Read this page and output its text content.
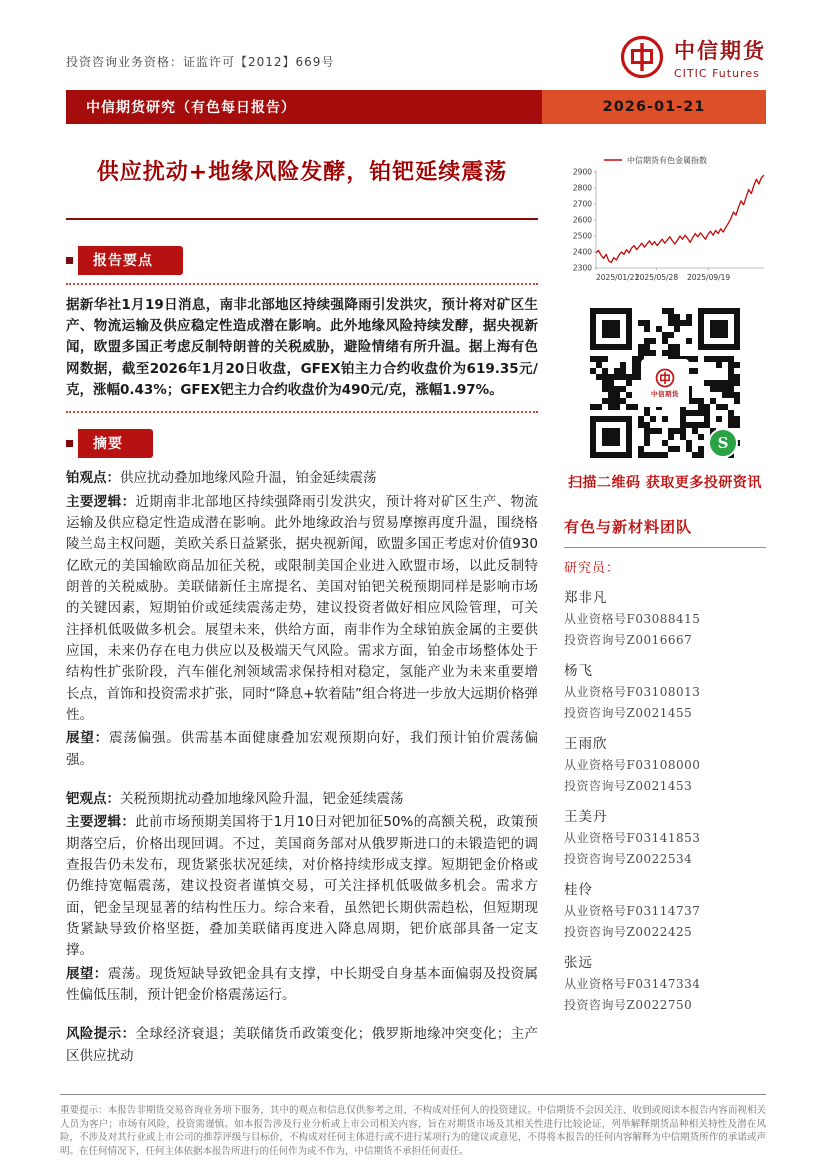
投资咨询业务资格：证监许可【2012】669号	中信期货
CITIC Futures
中信期货研究（有色每日报告）	2026-01-21
供应扰动+地缘风险发酵，铂钯延续震荡
报告要点
据新华社1月19日消息，南非北部地区持续强降雨引发洪灾，预计将对矿区生产、物流运输及供应稳定性造成潜在影响。此外地缘风险持续发酵，据央视新闻，欧盟多国正考虑反制特朗普的关税威胁，避险情绪有所升温。据上海有色网数据，截至2026年1月20日收盘，GFEX铂主力合约收盘价为619.35元/克，涨幅0.43%；GFEX钯主力合约收盘价为490元/克，涨幅1.97%。
摘要
铂观点：供应扰动叠加地缘风险升温，铂金延续震荡
主要逻辑：近期南非北部地区持续强降雨引发洪灾，预计将对矿区生产、物流运输及供应稳定性造成潜在影响。此外地缘政治与贸易摩擦再度升温，围绕格陵兰岛主权问题，美欧关系日益紧张，据央视新闻，欧盟多国正考虑对价值930亿欧元的美国输欧商品加征关税，或限制美国企业进入欧盟市场，以此反制特朗普的关税威胁。美联储新任主席提名、美国对铂钯关税预期同样是影响市场的关键因素，短期铂价或延续震荡走势，建议投资者做好相应风险管理，可关注择机低吸做多机会。展望未来，供给方面，南非作为全球铂族金属的主要供应国，未来仍存在电力供应以及极端天气风险。需求方面，铂金市场整体处于结构性扩张阶段，汽车催化剂领域需求保持相对稳定，氢能产业为未来重要增长点，首饰和投资需求扩张，同时“降息+软着陆”组合将进一步放大远期价格弹性。
展望：震荡偏强。供需基本面健康叠加宏观预期向好，我们预计铂价震荡偏强。
钯观点：关税预期扰动叠加地缘风险升温，钯金延续震荡
主要逻辑：此前市场预期美国将于1月10日对钯加征50%的高额关税，政策预期落空后，价格出现回调。不过，美国商务部对从俄罗斯进口的未锻造钯的调查报告仍未发布，现货紧张状况延续，对价格持续形成支撑。短期钯金价格或仍维持宽幅震荡，建议投资者谨慎交易，可关注择机低吸做多机会。需求方面，钯金呈现显著的结构性压力。综合来看，虽然钯长期供需趋松，但短期现货紧缺导致价格坚挺，叠加美联储再度进入降息周期，钯价底部具备一定支撑。
展望：震荡。现货短缺导致钯金具有支撑，中长期受自身基本面偏弱及投资属性偏低压制，预计钯金价格震荡运行。
风险提示：全球经济衰退；美联储货币政策变化；俄罗斯地缘冲突变化；主产区供应扰动
2300
2400
2500
2600
2700
2800
2900
2025/01/21
2025/05/28 2025/09/19
中信期货有色金属指数
中信期货
S
扫描二维码 获取更多投研资讯
有色与新材料团队
研究员：
郑非凡
从业资格号F03088415
投资咨询号Z0016667
杨飞
从业资格号F03108013
投资咨询号Z0021455
王雨欣
从业资格号F03108000
投资咨询号Z0021453
王美丹
从业资格号F03141853
投资咨询号Z0022534
桂伶
从业资格号F03114737
投资咨询号Z0022425
张远
从业资格号F03147334
投资咨询号Z0022750
重要提示：本报告非期货交易咨询业务项下服务，其中的观点和信息仅供参考之用，不构成对任何人的投资建议。中信期货不会因关注、收到或阅读本报告内容而视相关人员为客户；市场有风险，投资需谨慎。如本报告涉及行业分析或上市公司相关内容，旨在对期货市场及其相关性进行比较论证，列举解释期货品种相关特性及潜在风险，不涉及对其行业或上市公司的推荐评级与目标价，不构成对任何主体进行或不进行某项行为的建议或意见，不得将本报告的任何内容解释为中信期货所作的承诺或声明。在任何情况下，任何主体依据本报告所进行的任何作为或不作为，中信期货不承担任何责任。
